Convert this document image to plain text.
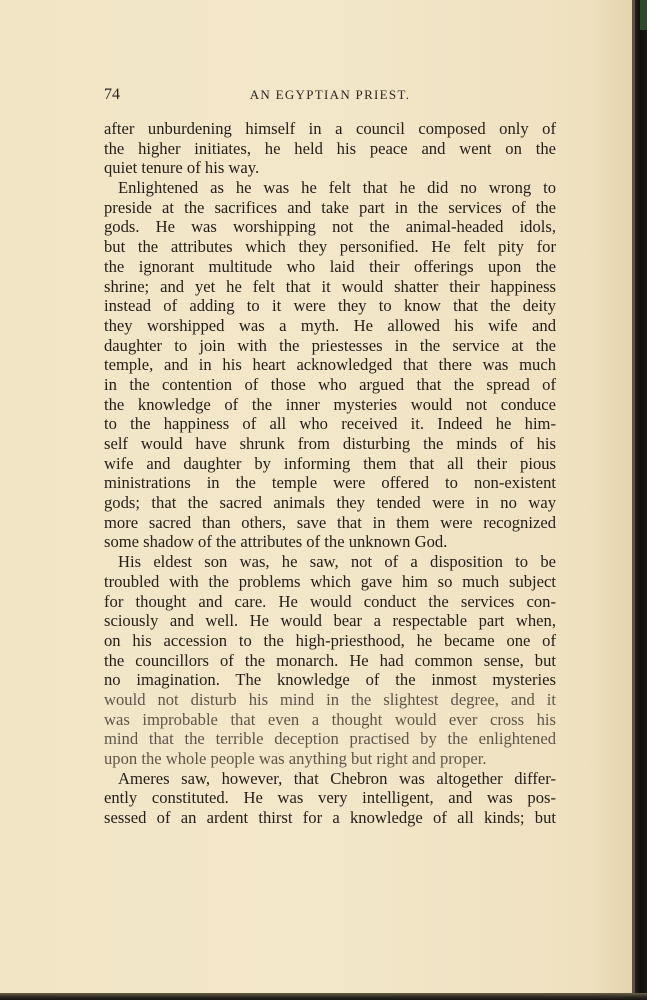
74	AN EGYPTIAN PRIEST.
after unburdening himself in a council composed only of
the higher initiates, he held his peace and went on the
quiet tenure of his way.
Enlightened as he was he felt that he did no wrong to
preside at the sacrifices and take part in the services of the
gods. He was worshipping not the animal-headed idols,
but the attributes which they personified. He felt pity for
the ignorant multitude who laid their offerings upon the
shrine; and yet he felt that it would shatter their happiness
instead of adding to it were they to know that the deity
they worshipped was a myth. He allowed his wife and
daughter to join with the priestesses in the service at the
temple, and in his heart acknowledged that there was much
in the contention of those who argued that the spread of
the knowledge of the inner mysteries would not conduce
to the happiness of all who received it. Indeed he him-
self would have shrunk from disturbing the minds of his
wife and daughter by informing them that all their pious
ministrations in the temple were offered to non-existent
gods; that the sacred animals they tended were in no way
more sacred than others, save that in them were recognized
some shadow of the attributes of the unknown God.
His eldest son was, he saw, not of a disposition to be
troubled with the problems which gave him so much subject
for thought and care. He would conduct the services con-
sciously and well. He would bear a respectable part when,
on his accession to the high-priesthood, he became one of
the councillors of the monarch. He had common sense, but
no imagination. The knowledge of the inmost mysteries
would not disturb his mind in the slightest degree, and it
was improbable that even a thought would ever cross his
mind that the terrible deception practised by the enlightened
upon the whole people was anything but right and proper.
Ameres saw, however, that Chebron was altogether differ-
ently constituted. He was very intelligent, and was pos-
sessed of an ardent thirst for a knowledge of all kinds; but
